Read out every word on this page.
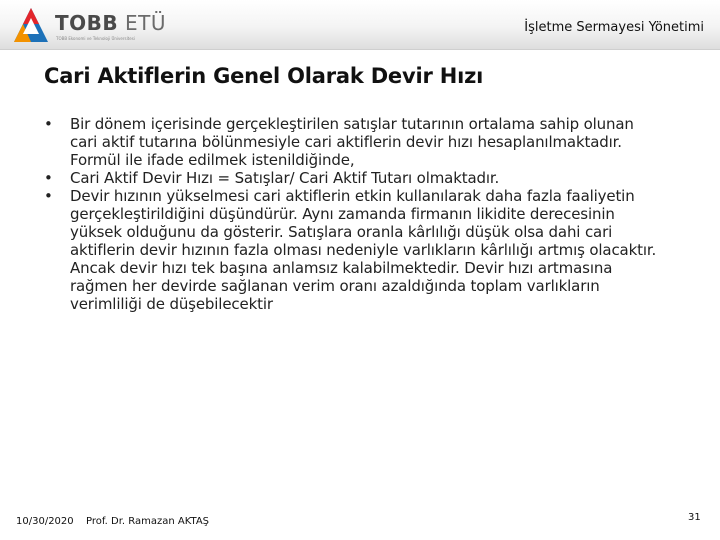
TOBB ETÜ
TOBB Ekonomi ve Teknoloji Üniversitesi
İşletme Sermayesi Yönetimi
Cari Aktiflerin Genel Olarak Devir Hızı
•	Bir dönem içerisinde gerçekleştirilen satışlar tutarının ortalama sahip olunan cari aktif tutarına bölünmesiyle cari aktiflerin devir hızı hesaplanılmaktadır. Formül ile ifade edilmek istenildiğinde,
•	Cari Aktif Devir Hızı = Satışlar/ Cari Aktif Tutarı olmaktadır.
•	Devir hızının yükselmesi cari aktiflerin etkin kullanılarak daha fazla faaliyetin gerçekleştirildiğini düşündürür. Aynı zamanda firmanın likidite derecesinin yüksek olduğunu da gösterir. Satışlara oranla kârlılığı düşük olsa dahi cari aktiflerin devir hızının fazla olması nedeniyle varlıkların kârlılığı artmış olacaktır. Ancak devir hızı tek başına anlamsız kalabilmektedir. Devir hızı artmasına rağmen her devirde sağlanan verim oranı azaldığında toplam varlıkların verimliliği de düşebilecektir
10/30/2020 Prof. Dr. Ramazan AKTAŞ	31
